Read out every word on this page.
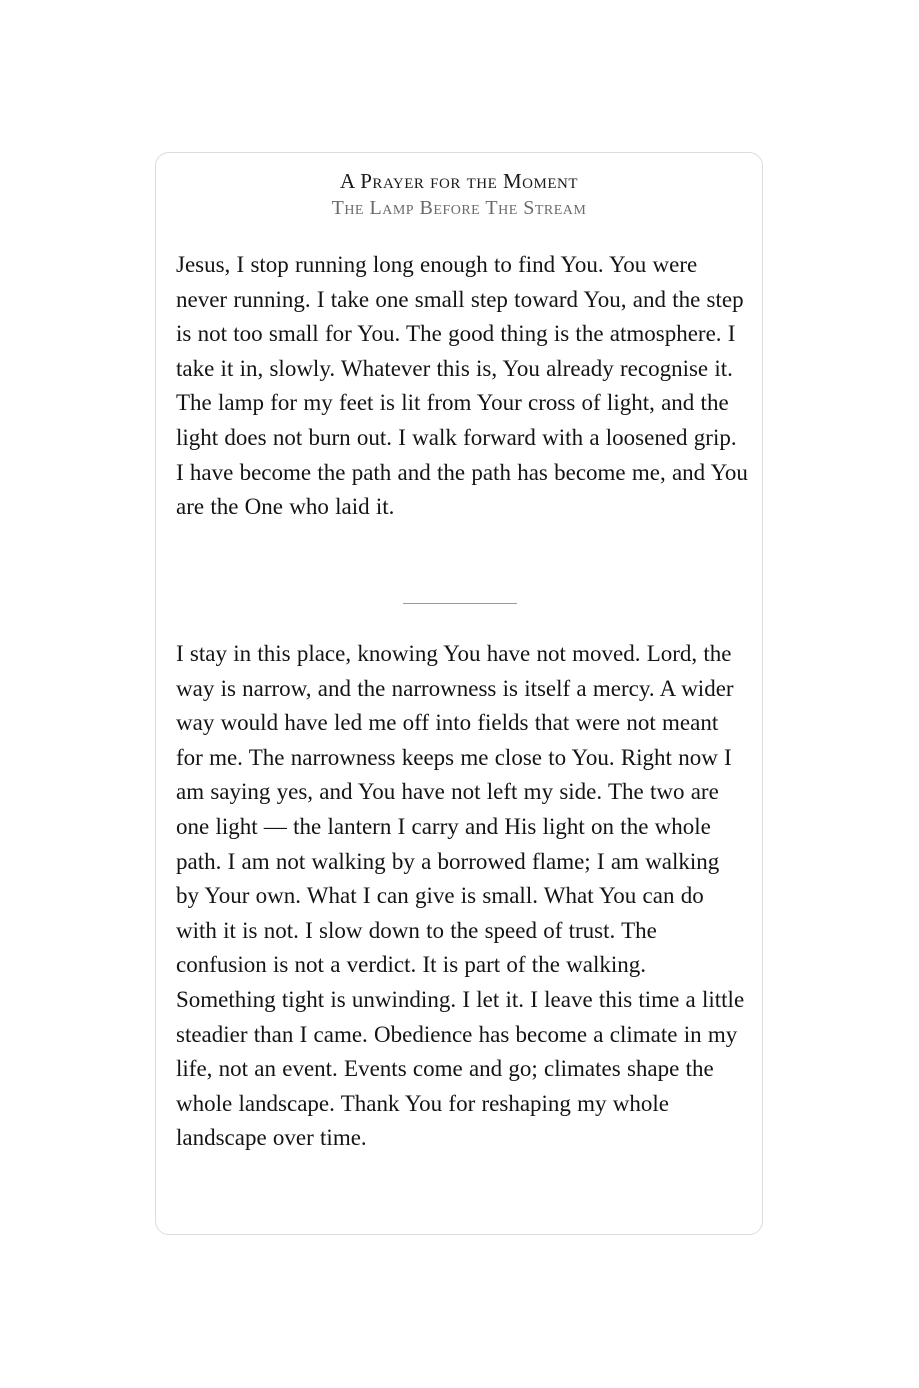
A Prayer for the Moment
The Lamp Before The Stream

Jesus, I stop running long enough to find You. You were never running. I take one small step toward You, and the step is not too small for You. The good thing is the atmosphere. I take it in, slowly. Whatever this is, You already recognise it. The lamp for my feet is lit from Your cross of light, and the light does not burn out. I walk forward with a loosened grip. I have become the path and the path has become me, and You are the One who laid it.

I stay in this place, knowing You have not moved. Lord, the way is narrow, and the narrowness is itself a mercy. A wider way would have led me off into fields that were not meant for me. The narrowness keeps me close to You. Right now I am saying yes, and You have not left my side. The two are one light — the lantern I carry and His light on the whole path. I am not walking by a borrowed flame; I am walking by Your own. What I can give is small. What You can do with it is not. I slow down to the speed of trust. The confusion is not a verdict. It is part of the walking. Something tight is unwinding. I let it. I leave this time a little steadier than I came. Obedience has become a climate in my life, not an event. Events come and go; climates shape the whole landscape. Thank You for reshaping my whole landscape over time.
